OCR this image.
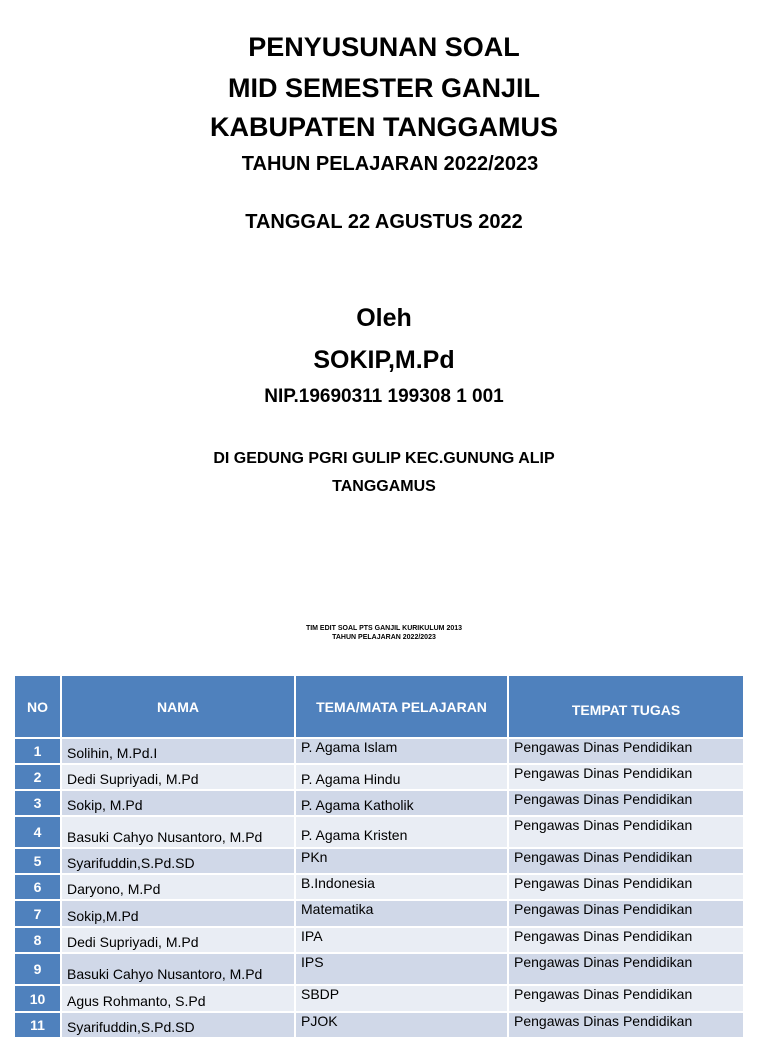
PENYUSUNAN SOAL
MID SEMESTER GANJIL
KABUPATEN TANGGAMUS
TAHUN PELAJARAN 2022/2023
TANGGAL 22 AGUSTUS 2022
Oleh
SOKIP,M.Pd
NIP.19690311 199308 1 001
DI GEDUNG PGRI GULIP KEC.GUNUNG ALIP
TANGGAMUS
TIM EDIT SOAL PTS GANJIL KURIKULUM 2013
TAHUN PELAJARAN 2022/2023
NO	NAMA	TEMA/MATA PELAJARAN	TEMPAT TUGAS
1	Solihin, M.Pd.I	P. Agama Islam	Pengawas Dinas Pendidikan
2	Dedi Supriyadi, M.Pd	P. Agama Hindu	Pengawas Dinas Pendidikan
3	Sokip, M.Pd	P. Agama Katholik	Pengawas Dinas Pendidikan
4	Basuki Cahyo Nusantoro, M.Pd	P. Agama Kristen	Pengawas Dinas Pendidikan
5	Syarifuddin,S.Pd.SD	PKn	Pengawas Dinas Pendidikan
6	Daryono, M.Pd	B.Indonesia	Pengawas Dinas Pendidikan
7	Sokip,M.Pd	Matematika	Pengawas Dinas Pendidikan
8	Dedi Supriyadi, M.Pd	IPA	Pengawas Dinas Pendidikan
9	Basuki Cahyo Nusantoro, M.Pd	IPS	Pengawas Dinas Pendidikan
10	Agus Rohmanto, S.Pd	SBDP	Pengawas Dinas Pendidikan
11	Syarifuddin,S.Pd.SD	PJOK	Pengawas Dinas Pendidikan
